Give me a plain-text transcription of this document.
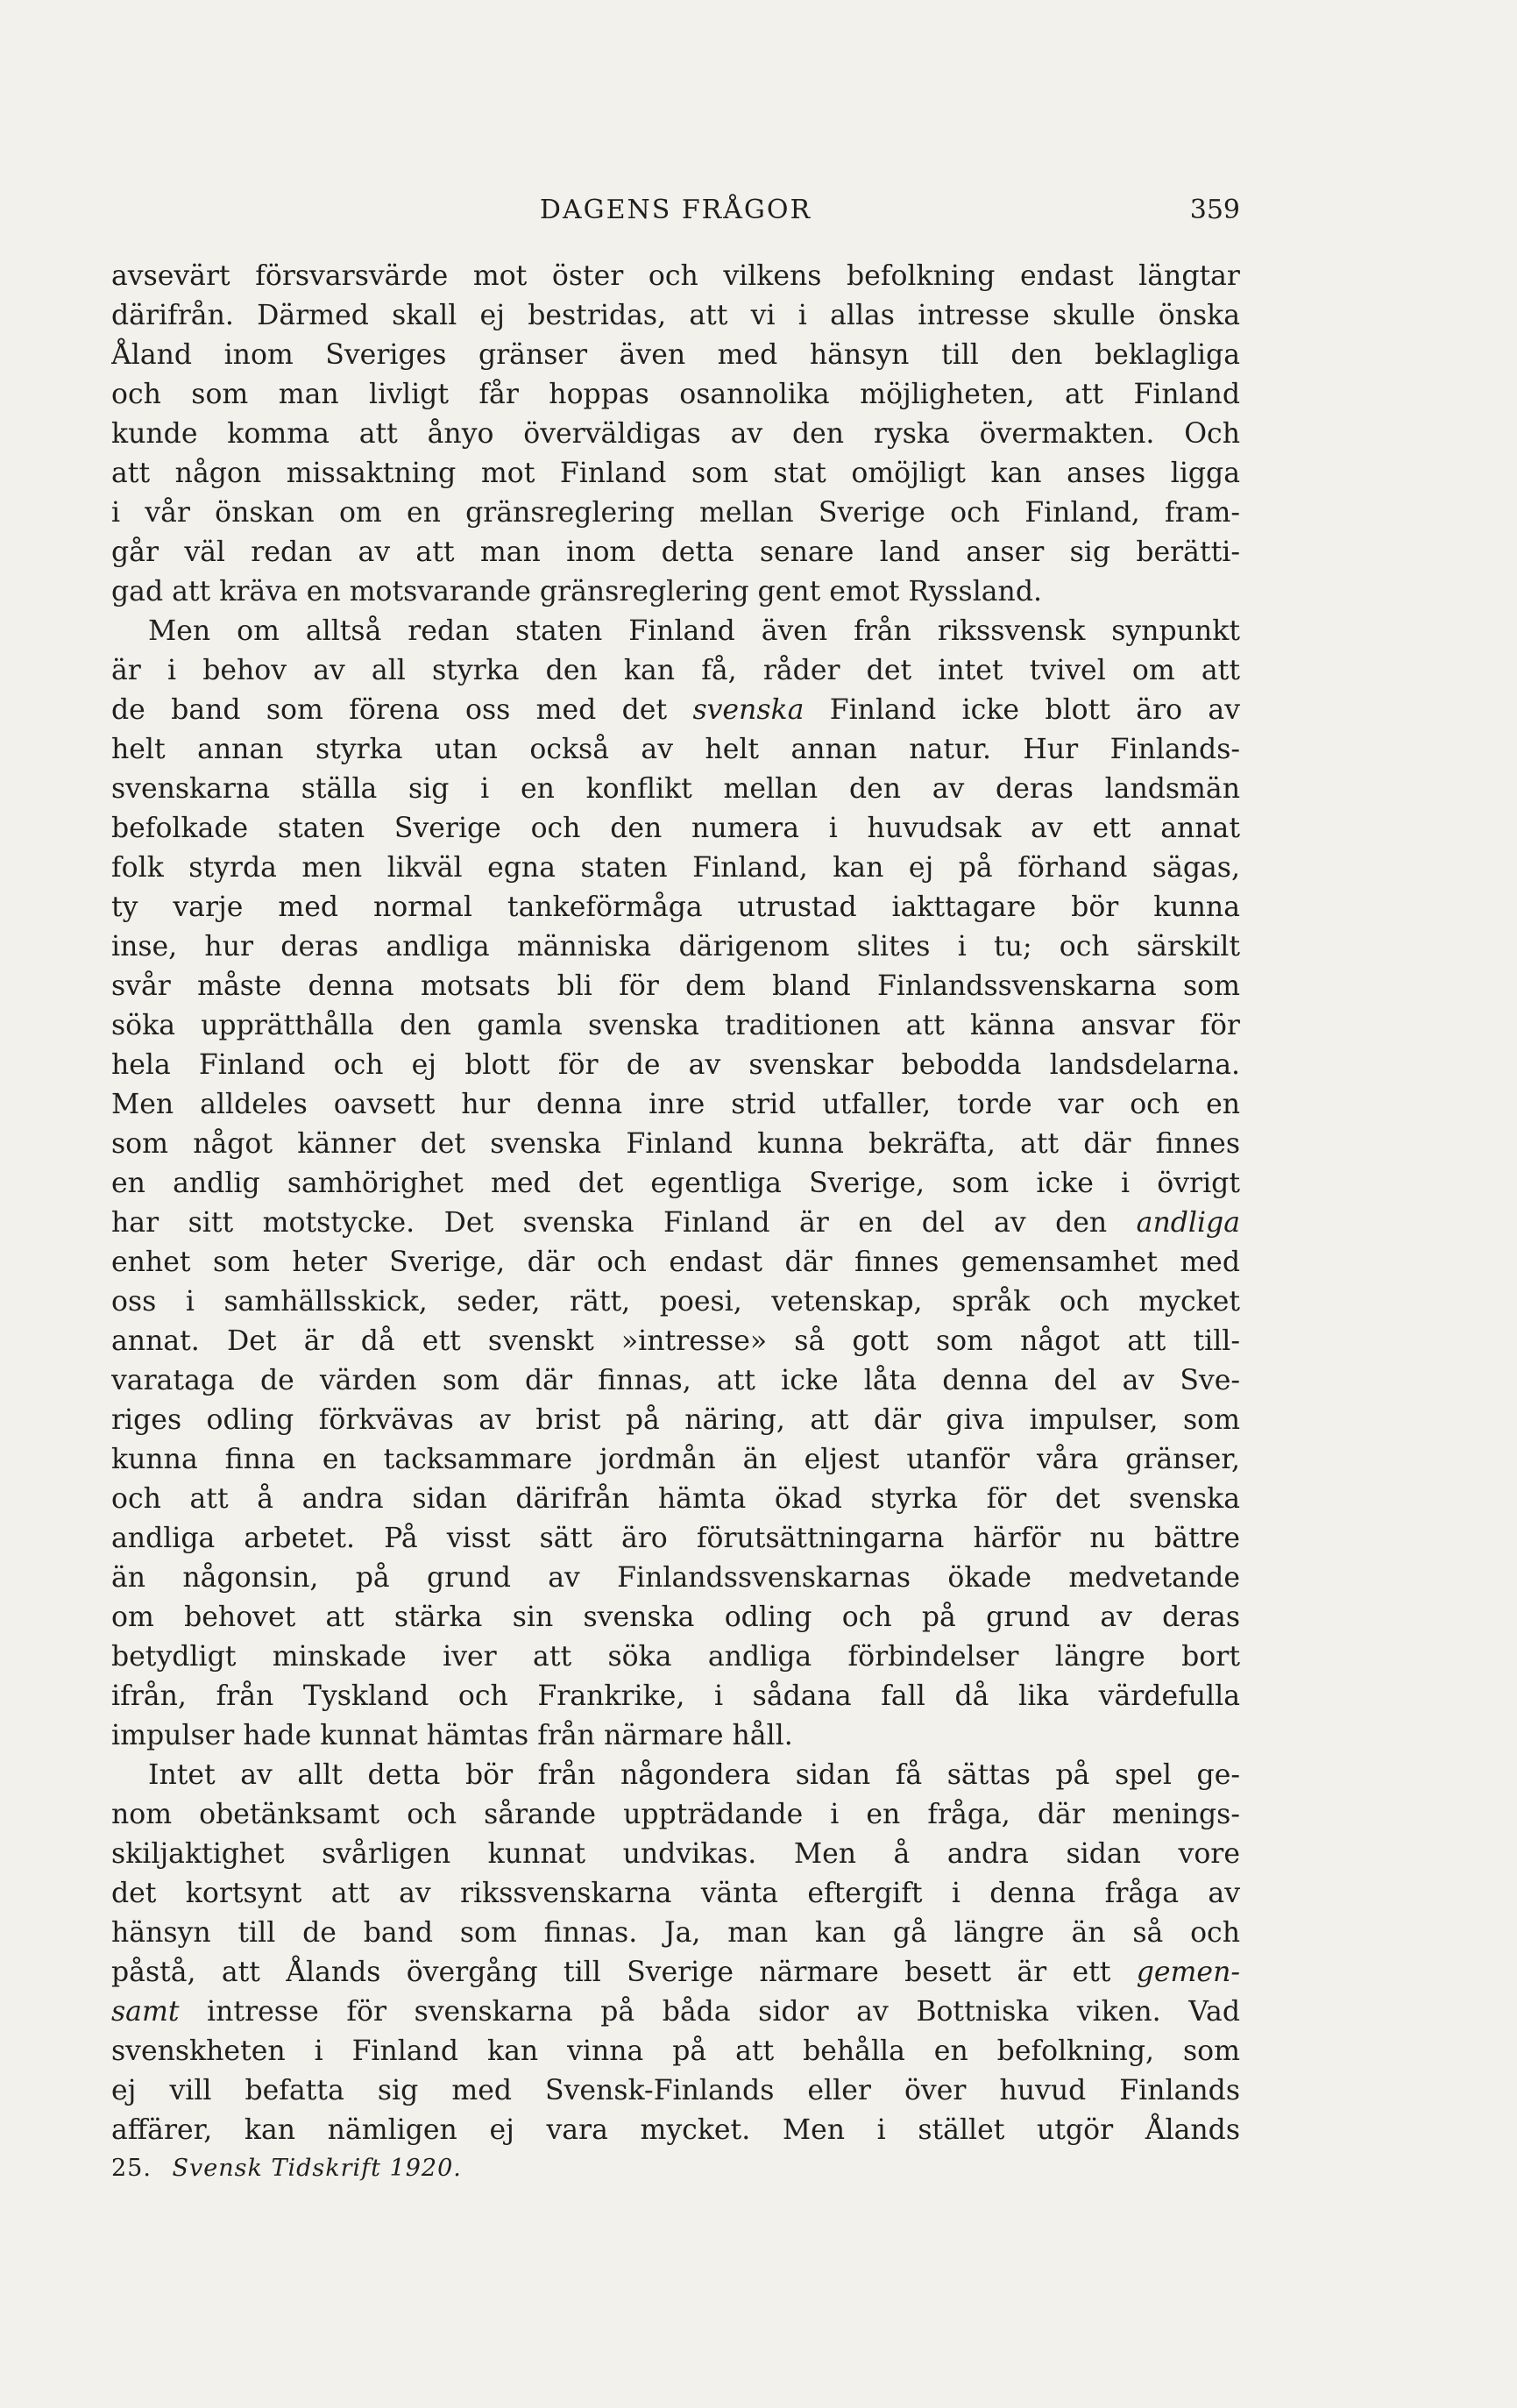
DAGENS FRÅGOR	359
avsevärt försvarsvärde mot öster och vilkens befolkning endast längtar
därifrån. Därmed skall ej bestridas, att vi i allas intresse skulle önska
Åland inom Sveriges gränser även med hänsyn till den beklagliga
och som man livligt får hoppas osannolika möjligheten, att Finland
kunde komma att ånyo överväldigas av den ryska övermakten. Och
att någon missaktning mot Finland som stat omöjligt kan anses ligga
i vår önskan om en gränsreglering mellan Sverige och Finland, fram-
går väl redan av att man inom detta senare land anser sig berätti-
gad att kräva en motsvarande gränsreglering gent emot Ryssland.
Men om alltså redan staten Finland även från rikssvensk synpunkt
är i behov av all styrka den kan få, råder det intet tvivel om att
de band som förena oss med det svenska Finland icke blott äro av
helt annan styrka utan också av helt annan natur. Hur Finlands-
svenskarna ställa sig i en konflikt mellan den av deras landsmän
befolkade staten Sverige och den numera i huvudsak av ett annat
folk styrda men likväl egna staten Finland, kan ej på förhand sägas,
ty varje med normal tankeförmåga utrustad iakttagare bör kunna
inse, hur deras andliga människa därigenom slites i tu; och särskilt
svår måste denna motsats bli för dem bland Finlandssvenskarna som
söka upprätthålla den gamla svenska traditionen att känna ansvar för
hela Finland och ej blott för de av svenskar bebodda landsdelarna.
Men alldeles oavsett hur denna inre strid utfaller, torde var och en
som något känner det svenska Finland kunna bekräfta, att där finnes
en andlig samhörighet med det egentliga Sverige, som icke i övrigt
har sitt motstycke. Det svenska Finland är en del av den andliga
enhet som heter Sverige, där och endast där finnes gemensamhet med
oss i samhällsskick, seder, rätt, poesi, vetenskap, språk och mycket
annat. Det är då ett svenskt »intresse» så gott som något att till-
varataga de värden som där finnas, att icke låta denna del av Sve-
riges odling förkvävas av brist på näring, att där giva impulser, som
kunna finna en tacksammare jordmån än eljest utanför våra gränser,
och att å andra sidan därifrån hämta ökad styrka för det svenska
andliga arbetet. På visst sätt äro förutsättningarna härför nu bättre
än någonsin, på grund av Finlandssvenskarnas ökade medvetande
om behovet att stärka sin svenska odling och på grund av deras
betydligt minskade iver att söka andliga förbindelser längre bort
ifrån, från Tyskland och Frankrike, i sådana fall då lika värdefulla
impulser hade kunnat hämtas från närmare håll.
Intet av allt detta bör från någondera sidan få sättas på spel ge-
nom obetänksamt och sårande uppträdande i en fråga, där menings-
skiljaktighet svårligen kunnat undvikas. Men å andra sidan vore
det kortsynt att av rikssvenskarna vänta eftergift i denna fråga av
hänsyn till de band som finnas. Ja, man kan gå längre än så och
påstå, att Ålands övergång till Sverige närmare besett är ett gemen-
samt intresse för svenskarna på båda sidor av Bottniska viken. Vad
svenskheten i Finland kan vinna på att behålla en befolkning, som
ej vill befatta sig med Svensk-Finlands eller över huvud Finlands
affärer, kan nämligen ej vara mycket. Men i stället utgör Ålands
25. Svensk Tidskrift 1920.
